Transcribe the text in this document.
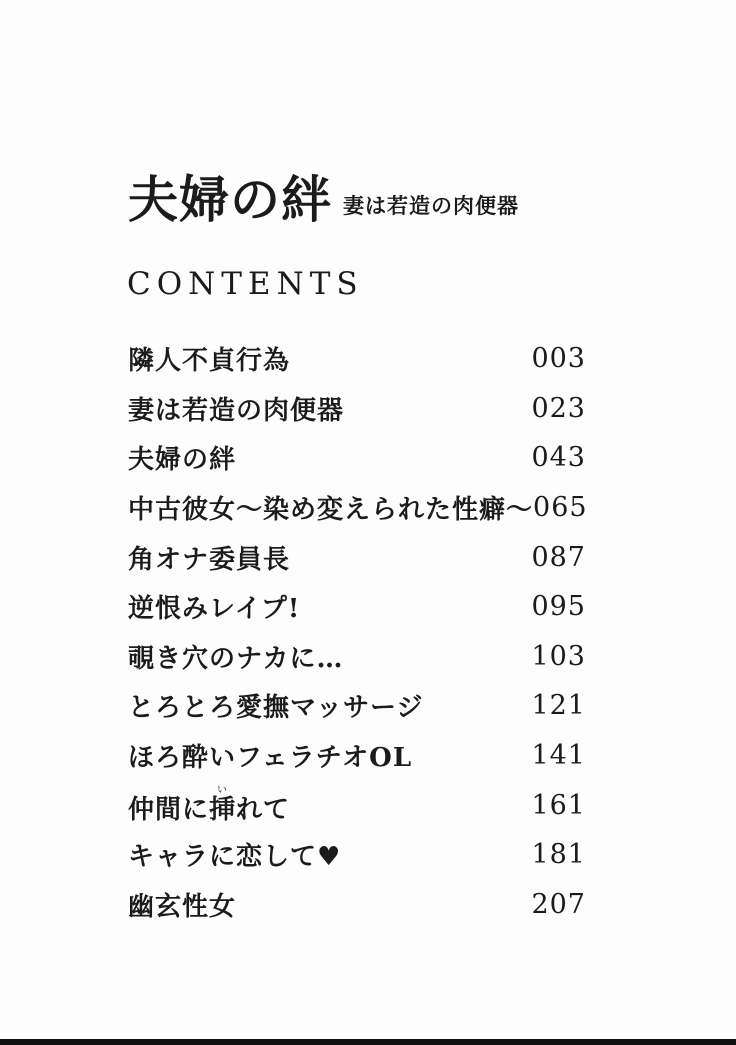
夫婦の絆 妻は若造の肉便器
CONTENTS
隣人不貞行為	003
妻は若造の肉便器	023
夫婦の絆	043
中古彼女〜染め変えられた性癖〜 065
角オナ委員長	087
逆恨みレイプ!	095
覗き穴のナカに…	103
とろとろ愛撫マッサージ	121
ほろ酔いフェラチオOL	141
仲間に挿いれて	161
キャラに恋して♥	181
幽玄性女	207
